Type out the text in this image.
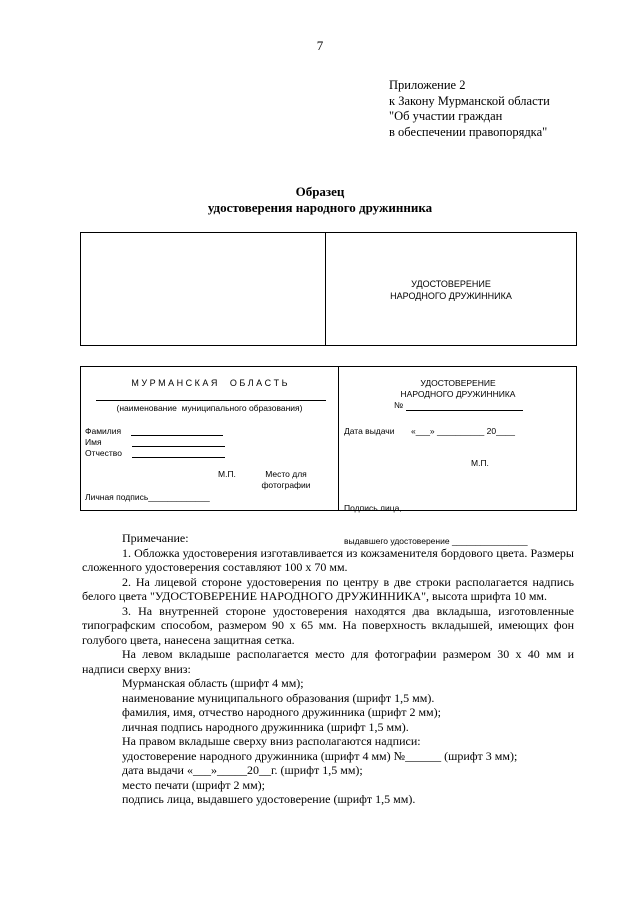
7
Приложение 2
к Закону Мурманской области
"Об участии граждан
в обеспечении правопорядка"
Образец
удостоверения народного дружинника
УДОСТОВЕРЕНИЕ
НАРОДНОГО ДРУЖИННИКА
М У Р М А Н С К А Я     О Б Л А С Т Ь
(наименование  муниципального образования)
Фамилия
Имя
Отчество
М.П.	Место для
фотографии
Личная подпись_____________
УДОСТОВЕРЕНИЕ
НАРОДНОГО ДРУЖИННИКА
№
Дата выдачи       «___» __________ 20____
М.П.

Подпись лица,

выдавшего удостоверение ________________

Примечание:

1. Обложка удостоверения изготавливается из кожзаменителя бордового цвета. Размеры сложенного удостоверения составляют 100 х 70 мм.

2. На лицевой стороне удостоверения по центру в две строки располагается надпись белого цвета "УДОСТОВЕРЕНИЕ НАРОДНОГО ДРУЖИННИКА", высота шрифта 10 мм.

3. На внутренней стороне удостоверения находятся два вкладыша, изготовленные типографским способом, размером 90 х 65 мм. На поверхность вкладышей, имеющих фон голубого цвета, нанесена защитная сетка.

На левом вкладыше располагается место для фотографии размером 30 х 40 мм и надписи сверху вниз:

Мурманская область (шрифт 4 мм);

наименование муниципального образования (шрифт 1,5 мм).

фамилия, имя, отчество народного дружинника (шрифт 2 мм);

личная подпись народного дружинника (шрифт 1,5 мм).

На правом вкладыше сверху вниз располагаются надписи:

удостоверение народного дружинника (шрифт 4 мм) №______ (шрифт 3 мм);

дата выдачи «___»_____20__г. (шрифт 1,5 мм);

место печати (шрифт 2 мм);

подпись лица, выдавшего удостоверение (шрифт 1,5 мм).
